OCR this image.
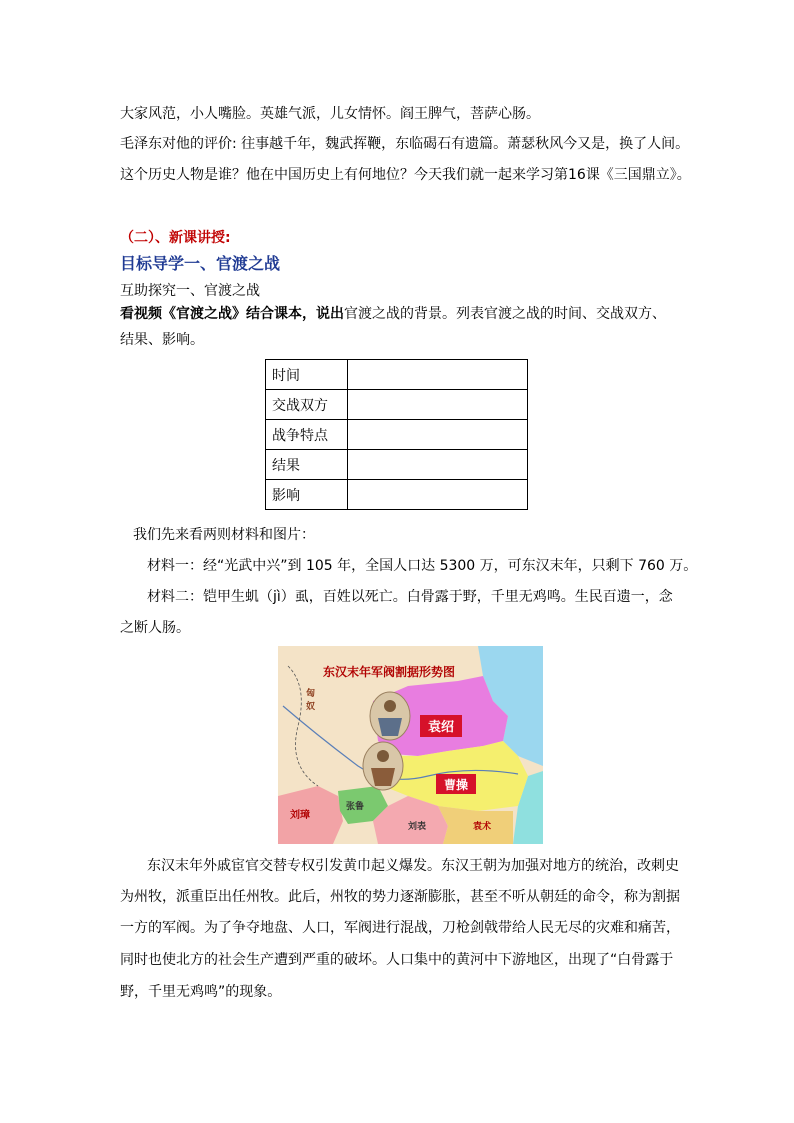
大家风范，小人嘴脸。英雄气派，儿女情怀。阎王脾气，菩萨心肠。
毛泽东对他的评价: 往事越千年，魏武挥鞭，东临碣石有遗篇。萧瑟秋风今又是，换了人间。
这个历史人物是谁？他在中国历史上有何地位？今天我们就一起来学习第16课《三国鼎立》。
（二）、新课讲授:
目标导学一、官渡之战
互助探究一、官渡之战
看视频《官渡之战》结合课本，说出官渡之战的背景。列表官渡之战的时间、交战双方、
结果、影响。
时间	
交战双方	
战争特点	
结果	
影响	
我们先来看两则材料和图片：
材料一：经“光武中兴”到 105 年，全国人口达 5300 万，可东汉末年，只剩下 760 万。
材料二：铠甲生虮（jì）虱，百姓以死亡。白骨露于野，千里无鸡鸣。生民百遗一，念
之断人肠。
东汉末年军阀割据形势图
袁绍
曹操
匈
奴
刘璋
张鲁
刘表	袁术
东汉末年外戚宦官交替专权引发黄巾起义爆发。东汉王朝为加强对地方的统治，改刺史
为州牧，派重臣出任州牧。此后，州牧的势力逐渐膨胀，甚至不听从朝廷的命令，称为割据
一方的军阀。为了争夺地盘、人口，军阀进行混战，刀枪剑戟带给人民无尽的灾难和痛苦，
同时也使北方的社会生产遭到严重的破坏。人口集中的黄河中下游地区，出现了“白骨露于
野，千里无鸡鸣”的现象。
